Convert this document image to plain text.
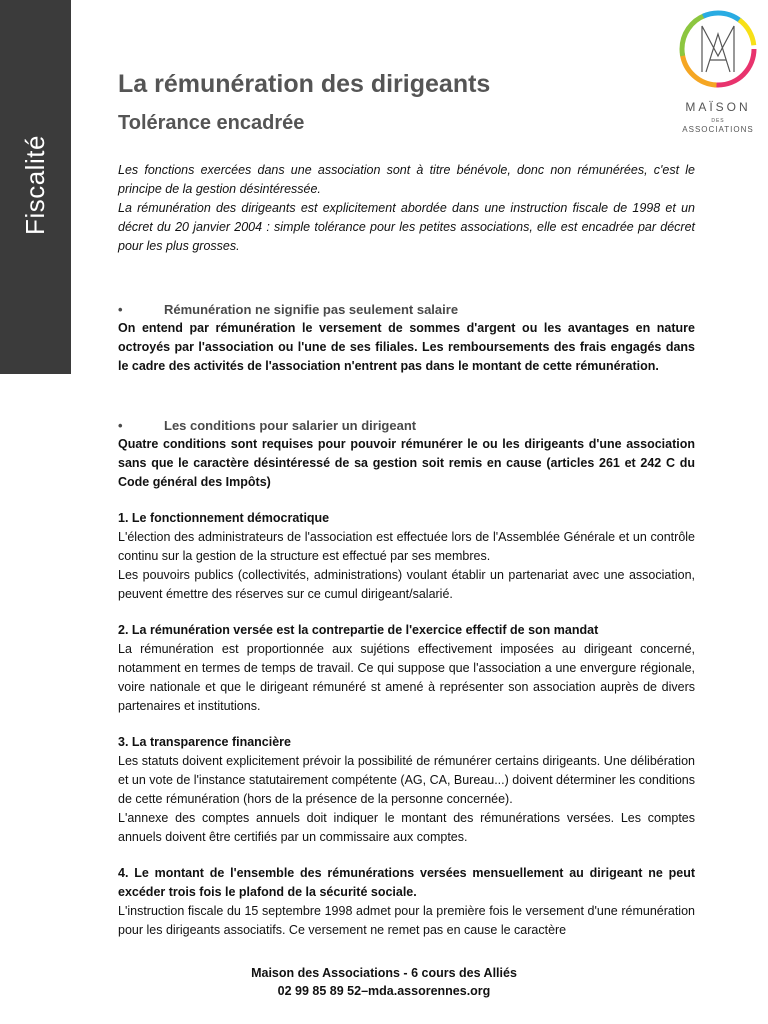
Fiscalité
MAÏSON
DES
ASSOCIATIONS
La rémunération des dirigeants
Tolérance encadrée

Les fonctions exercées dans une association sont à titre bénévole, donc non rémunérées, c'est le principe de la gestion désintéressée.

La rémunération des dirigeants est explicitement abordée dans une instruction fiscale de 1998 et un décret du 20 janvier 2004 : simple tolérance pour les petites associations, elle est encadrée par décret pour les plus grosses.

•	Rémunération ne signifie pas seulement salaire

On entend par rémunération le versement de sommes d'argent ou les avantages en nature octroyés par l'association ou l'une de ses filiales. Les remboursements des frais engagés dans le cadre des activités de l'association n'entrent pas dans le montant de cette rémunération.

•	Les conditions pour salarier un dirigeant

Quatre conditions sont requises pour pouvoir rémunérer le ou les dirigeants d'une association sans que le caractère désintéressé de sa gestion soit remis en cause (articles 261 et 242 C du Code général des Impôts)

1. Le fonctionnement démocratique

L'élection des administrateurs de l'association est effectuée lors de l'Assemblée Générale et un contrôle continu sur la gestion de la structure est effectué par ses membres.

Les pouvoirs publics (collectivités, administrations) voulant établir un partenariat avec une association, peuvent émettre des réserves sur ce cumul dirigeant/salarié.

2. La rémunération versée est la contrepartie de l'exercice effectif de son mandat

La rémunération est proportionnée aux sujétions effectivement imposées au dirigeant concerné, notamment en termes de temps de travail. Ce qui suppose que l'association a une envergure régionale, voire nationale et que le dirigeant rémunéré st amené à représenter son association auprès de divers partenaires et institutions.

3. La transparence financière

Les statuts doivent explicitement prévoir la possibilité de rémunérer certains dirigeants. Une délibération et un vote de l'instance statutairement compétente (AG, CA, Bureau...) doivent déterminer les conditions de cette rémunération (hors de la présence de la personne concernée).

L'annexe des comptes annuels doit indiquer le montant des rémunérations versées. Les comptes annuels doivent être certifiés par un commissaire aux comptes.

4. Le montant de l'ensemble des rémunérations versées mensuellement au dirigeant ne peut excéder trois fois le plafond de la sécurité sociale.

L'instruction fiscale du 15 septembre 1998 admet pour la première fois le versement d'une rémunération pour les dirigeants associatifs. Ce versement ne remet pas en cause le caractère

Maison des Associations - 6 cours des Alliés
02 99 85 89 52–mda.assorennes.org
